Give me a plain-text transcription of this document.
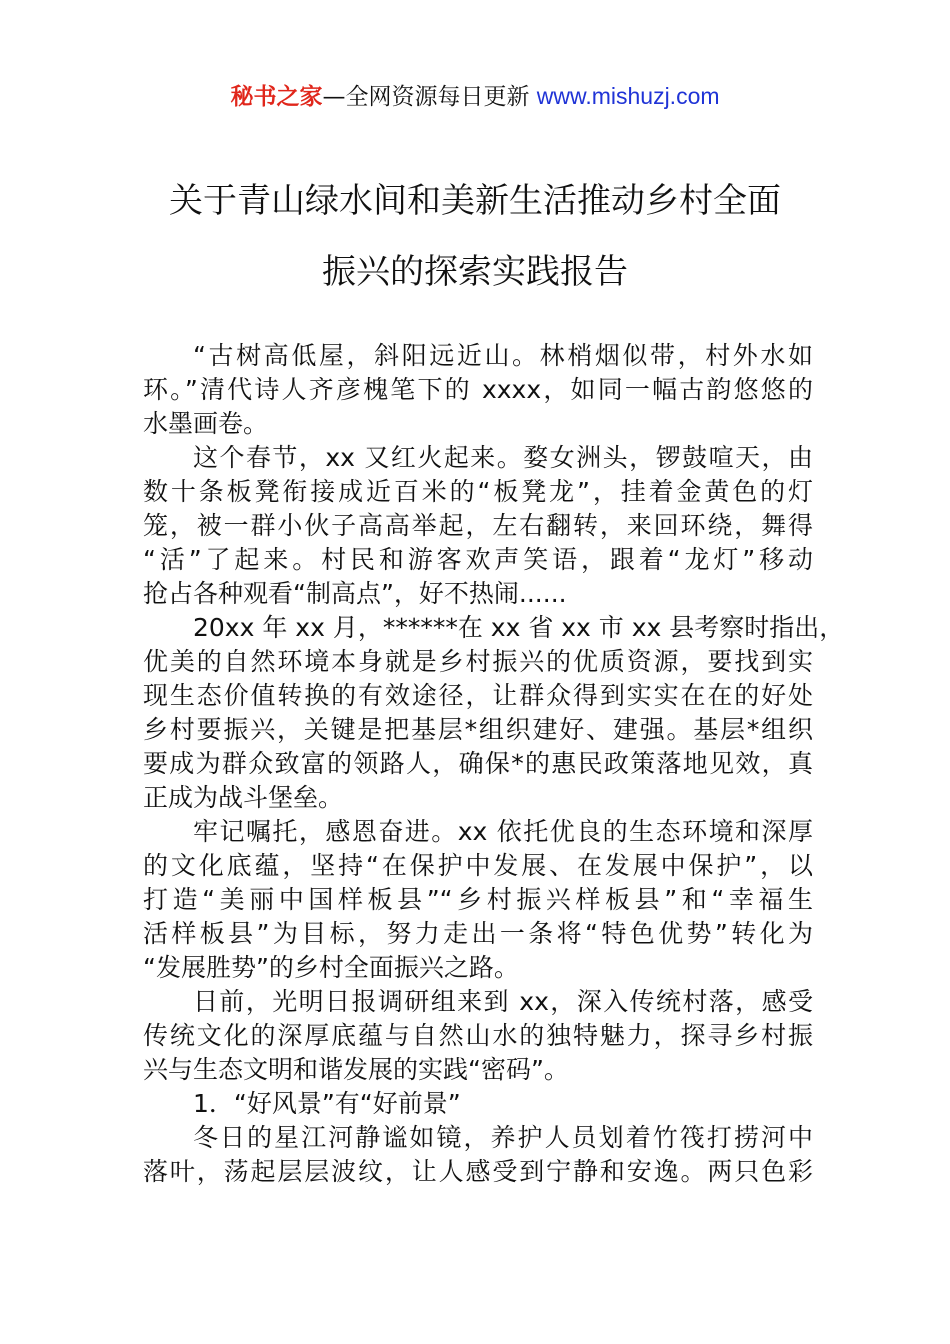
秘书之家—全网资源每日更新 www.mishuzj.com
关于青山绿水间和美新生活推动乡村全面
振兴的探索实践报告
“古树高低屋，斜阳远近山。林梢烟似带，村外水如
环。”清代诗人齐彦槐笔下的 xxxx，如同一幅古韵悠悠的
水墨画卷。
这个春节，xx 又红火起来。婺女洲头，锣鼓喧天，由
数十条板凳衔接成近百米的“板凳龙”，挂着金黄色的灯
笼，被一群小伙子高高举起，左右翻转，来回环绕，舞得
“活”了起来。村民和游客欢声笑语，跟着“龙灯”移动
抢占各种观看“制高点”，好不热闹......
20xx 年 xx 月，******在 xx 省 xx 市 xx 县考察时指出，
优美的自然环境本身就是乡村振兴的优质资源，要找到实
现生态价值转换的有效途径，让群众得到实实在在的好处
乡村要振兴，关键是把基层*组织建好、建强。基层*组织
要成为群众致富的领路人，确保*的惠民政策落地见效，真
正成为战斗堡垒。
牢记嘱托，感恩奋进。xx 依托优良的生态环境和深厚
的文化底蕴，坚持“在保护中发展、在发展中保护”，以
打造“美丽中国样板县”“乡村振兴样板县”和“幸福生
活样板县”为目标，努力走出一条将“特色优势”转化为
“发展胜势”的乡村全面振兴之路。
日前，光明日报调研组来到 xx，深入传统村落，感受
传统文化的深厚底蕴与自然山水的独特魅力，探寻乡村振
兴与生态文明和谐发展的实践“密码”。
1．“好风景”有“好前景”
冬日的星江河静谧如镜，养护人员划着竹筏打捞河中
落叶，荡起层层波纹，让人感受到宁静和安逸。两只色彩
